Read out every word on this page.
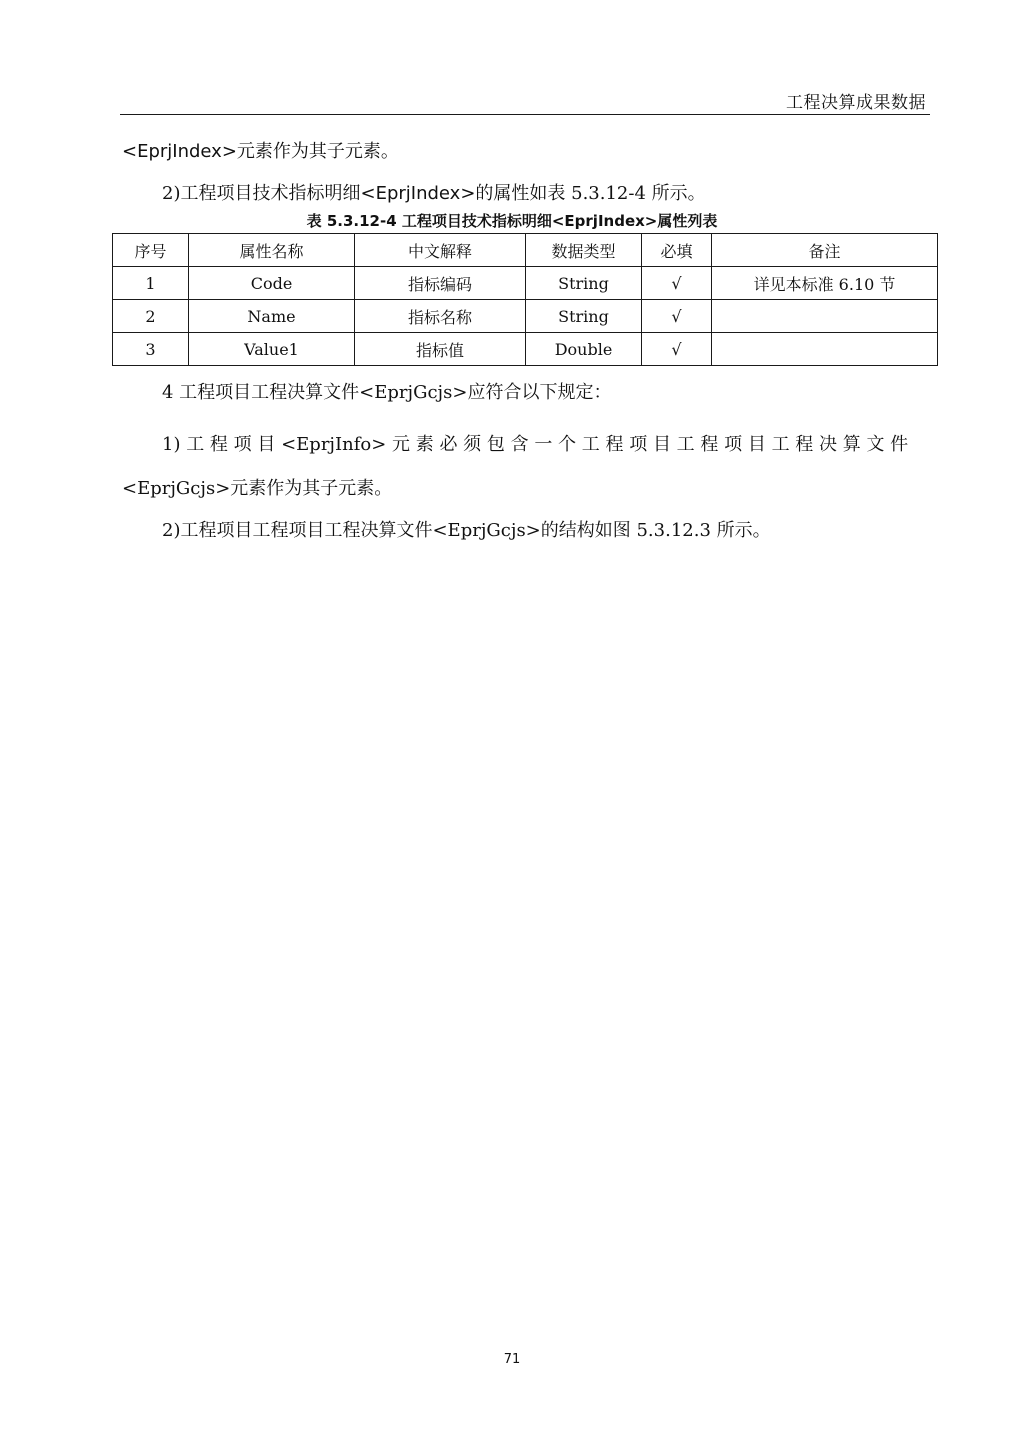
工程决算成果数据
<EprjIndex>元素作为其子元素。
2)工程项目技术指标明细<EprjIndex>的属性如表 5.3.12-4 所示。
表 5.3.12-4 工程项目技术指标明细<EprjIndex>属性列表
序号	属性名称	中文解释	数据类型	必填	备注
1	Code	指标编码	String	√	详见本标准 6.10 节
2	Name	指标名称	String	√	
3	Value1	指标值	Double	√	
4 工程项目工程决算文件<EprjGcjs>应符合以下规定：
1) 工 程 项 目 <EprjInfo> 元 素 必 须 包 含 一 个 工 程 项 目 工 程 项 目 工 程 决 算 文 件
<EprjGcjs>元素作为其子元素。
2)工程项目工程项目工程决算文件<EprjGcjs>的结构如图 5.3.12.3 所示。
71
